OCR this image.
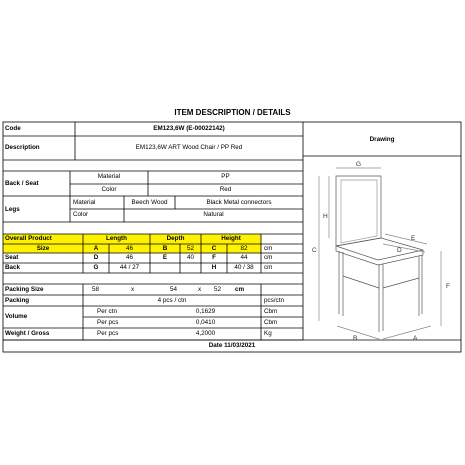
ITEM DESCRIPTION / DETAILS
Code	EM123,6W (E-00022142)
Description	EM123,6W ART Wood Chair / PP Red
Drawing
Back / Seat
Material	PP
Color	Red
Legs
Material	Beech Wood	Black Metal connectors
Color	Natural
Overall Product	Length	Depth	Height
Size	A	46	B	52	C	82	cm
Seat	D	46	E	40	F	44	cm
Back	G	44 / 27	H	40 / 38	cm
Packing Size	58	x	54	x 52 cm
Packing	4 pcs / ctn	pcs/ctn
Volume
Per ctn	0,1629	Cbm
Per pcs	0,0410	Cbm
Weight / Gross	Per pcs	4,2000	Kg
Date 11/03/2021
G
H
C	D
E
F
B	A
